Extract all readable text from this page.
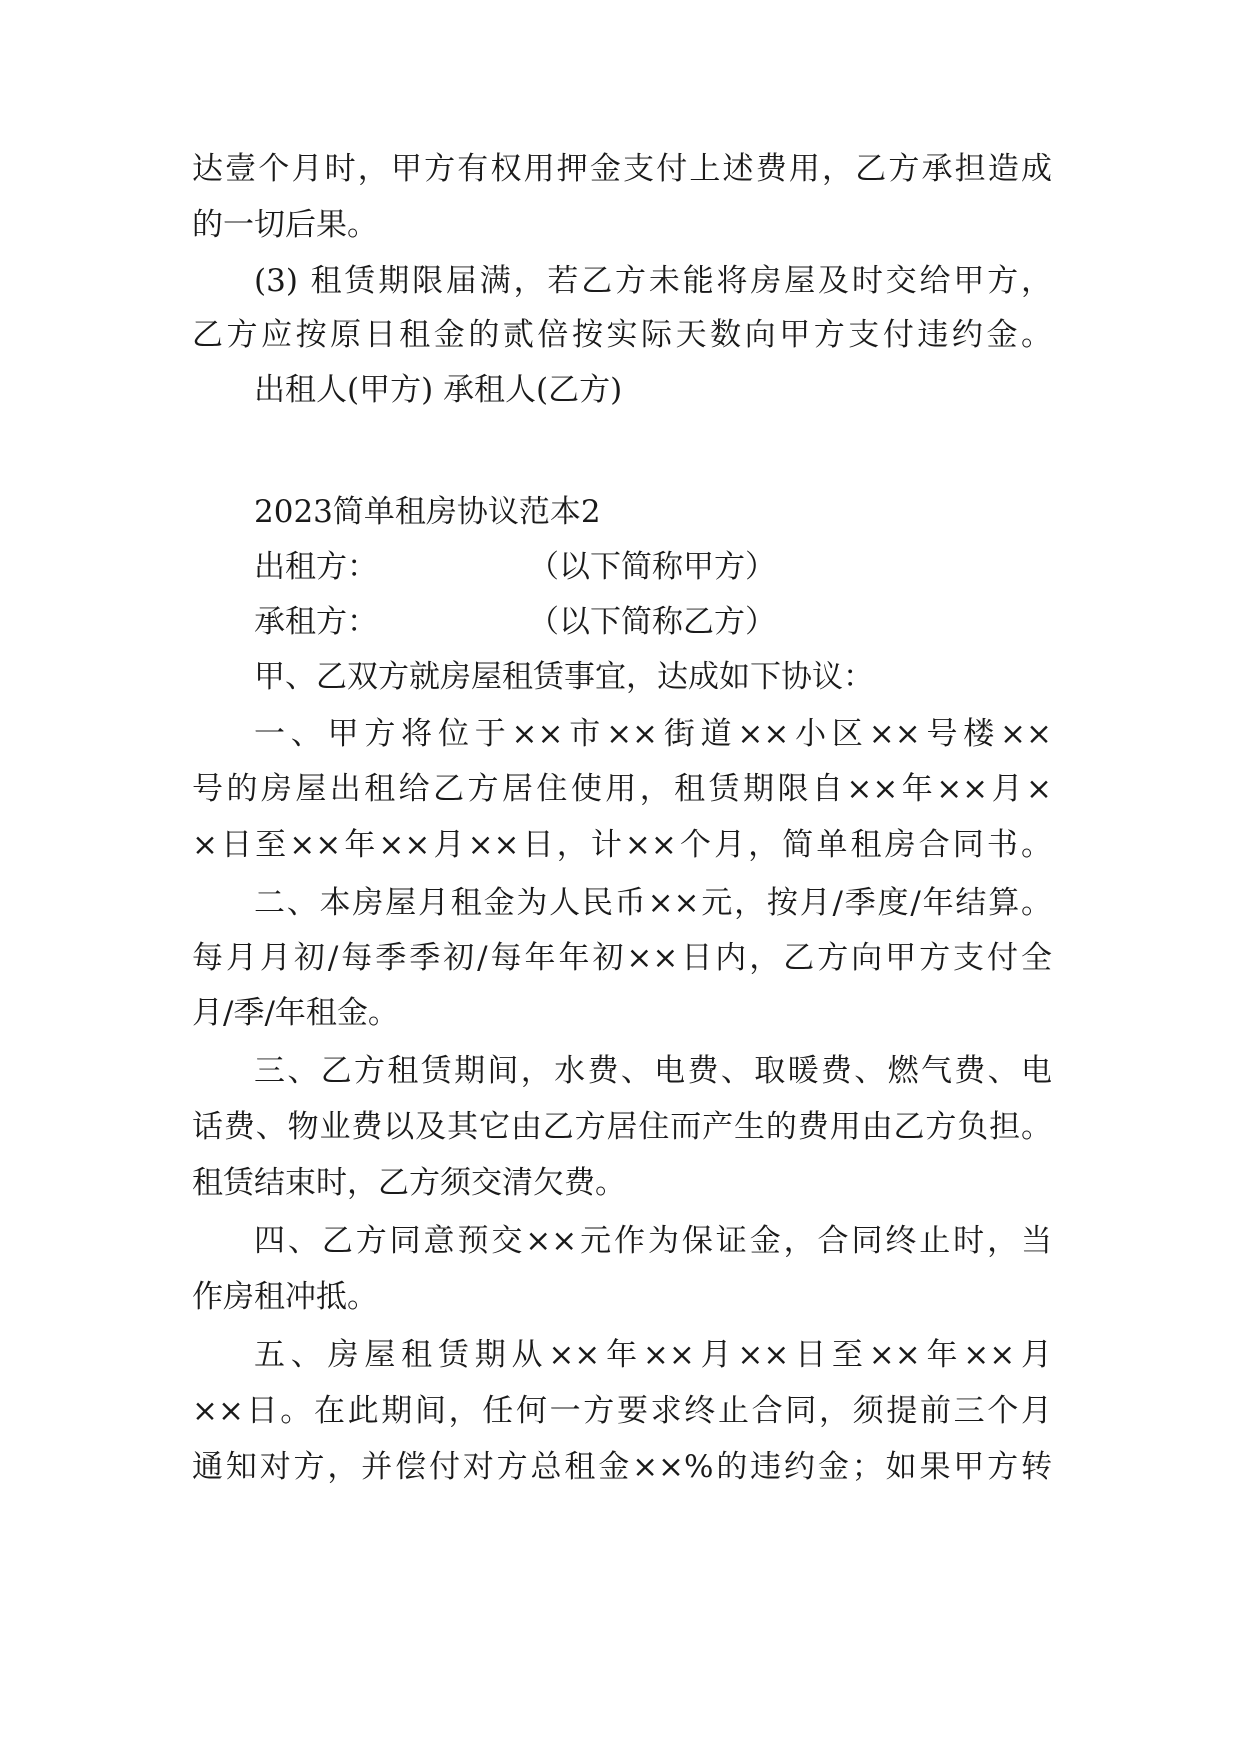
达壹个月时，甲方有权用押金支付上述费用，乙方承担造成
的一切后果。
(3) 租赁期限届满，若乙方未能将房屋及时交给甲方，
乙方应按原日租金的贰倍按实际天数向甲方支付违约金。
出租人(甲方) 承租人(乙方)
2023简单租房协议范本2
出租方：	（以下简称甲方）
承租方：	（以下简称乙方）
甲、乙双方就房屋租赁事宜，达成如下协议：
一、甲方将位于××市××街道××小区××号楼××
号的房屋出租给乙方居住使用，租赁期限自××年××月×
×日至××年××月××日，计××个月，简单租房合同书。
二、本房屋月租金为人民币××元，按月/季度/年结算。
每月月初/每季季初/每年年初××日内，乙方向甲方支付全
月/季/年租金。
三、乙方租赁期间，水费、电费、取暖费、燃气费、电
话费、物业费以及其它由乙方居住而产生的费用由乙方负担。
租赁结束时，乙方须交清欠费。
四、乙方同意预交××元作为保证金，合同终止时，当
作房租冲抵。
五、房屋租赁期从××年××月××日至××年××月
××日。在此期间，任何一方要求终止合同，须提前三个月
通知对方，并偿付对方总租金××%的违约金；如果甲方转
